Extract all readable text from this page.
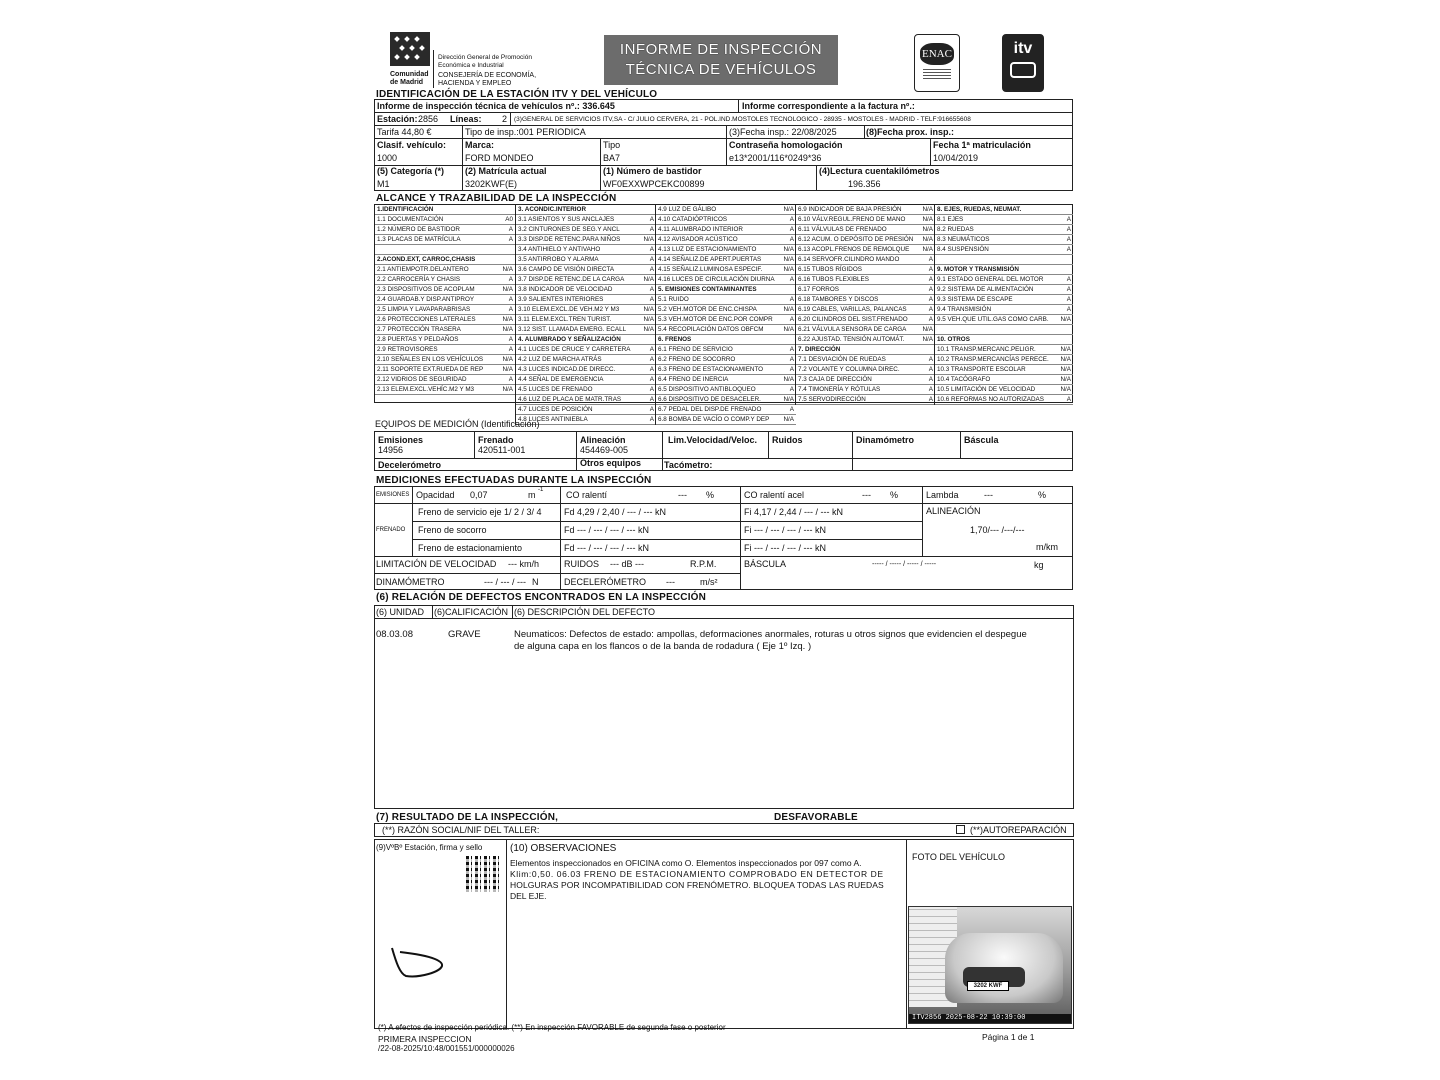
Comunidad
de Madrid
Dirección General de Promoción
Económica e Industrial
CONSEJERÍA DE ECONOMÍA,
HACIENDA Y EMPLEO
INFORME DE INSPECCIÓN
TÉCNICA DE VEHÍCULOS
ENAC	itv
IDENTIFICACIÓN DE LA ESTACIÓN ITV Y DEL VEHÍCULO
Informe de inspección técnica de vehículos nº.: 336.645	Informe correspondiente a la factura nº.:
Estación: 2856 Líneas: 2 (3)GENERAL DE SERVICIOS ITV,SA - C/ JULIO CERVERA, 21 - POL.IND.MOSTOLES TECNOLOGICO - 28935 - MOSTOLES - MADRID - TELF:916655608
Tarifa 44,80 €	Tipo de insp.:001 PERIODICA	(3)Fecha insp.: 22/08/2025	(8)Fecha prox. insp.:
Clasif. vehículo:
1000
Marca:
FORD MONDEO
Tipo
BA7
Contraseña homologación
e13*2001/116*0249*36
Fecha 1ª matriculación
10/04/2019
(5) Categoría (*)
M1
(2) Matrícula actual
3202KWF(E)
(1) Número de bastidor
WF0EXXWPCEKC00899
(4)Lectura cuentakilómetros
196.356
ALCANCE Y TRAZABILIDAD DE LA INSPECCIÓN
1.IDENTIFICACIÓN
1.1 DOCUMENTACIÓN	A0
1.2 NÚMERO DE BASTIDOR	A
1.3 PLACAS DE MATRÍCULA	A
2.ACOND.EXT, CARROC,CHASIS
2.1 ANTIEMPOTR.DELANTERO	N/A
2.2 CARROCERÍA Y CHASIS	A
2.3 DISPOSITIVOS DE ACOPLAM	N/A
2.4 GUARDAB.Y DISP.ANTIPROY	A
2.5 LIMPIA Y LAVAPARABRISAS	A
2.6 PROTECCIONES LATERALES	N/A
2.7 PROTECCIÓN TRASERA	N/A
2.8 PUERTAS Y PELDAÑOS	A
2.9 RETROVISORES	A
2.10 SEÑALES EN LOS VEHÍCULOS	N/A
2.11 SOPORTE EXT.RUEDA DE REP	N/A
2.12 VIDRIOS DE SEGURIDAD	A
2.13 ELEM.EXCL.VEHÍC.M2 Y M3	N/A
3. ACONDIC.INTERIOR
3.1 ASIENTOS Y SUS ANCLAJES	A
3.2 CINTURONES DE SEG.Y ANCL	A
3.3 DISP.DE RETENC.PARA NIÑOS	N/A
3.4 ANTIHIELO Y ANTIVAHO	A
3.5 ANTIRROBO Y ALARMA	A
3.6 CAMPO DE VISIÓN DIRECTA	A
3.7 DISP.DE RETENC.DE LA CARGA	N/A
3.8 INDICADOR DE VELOCIDAD	A
3.9 SALIENTES INTERIORES	A
3.10 ELEM.EXCL.DE VEH.M2 Y M3	N/A
3.11 ELEM.EXCL.TREN TURIST.	N/A
3.12 SIST. LLAMADA EMERG. ECALL	N/A
4. ALUMBRADO Y SEÑALIZACIÓN
4.1 LUCES DE CRUCE Y CARRETERA	A
4.2 LUZ DE MARCHA ATRÁS	A
4.3 LUCES INDICAD.DE DIRECC.	A
4.4 SEÑAL DE EMERGENCIA	A
4.5 LUCES DE FRENADO	A
4.6 LUZ DE PLACA DE MATR.TRAS	A
4.7 LUCES DE POSICIÓN	A
4.8 LUCES ANTINIEBLA	A
4.9 LUZ DE GÁLIBO	N/A
4.10 CATADIÓPTRICOS	A
4.11 ALUMBRADO INTERIOR	A
4.12 AVISADOR ACÚSTICO	A
4.13 LUZ DE ESTACIONAMIENTO	N/A
4.14 SEÑALIZ.DE APERT.PUERTAS	N/A
4.15 SEÑALIZ.LUMINOSA ESPECIF.	N/A
4.16 LUCES DE CIRCULACIÓN DIURNA A
5. EMISIONES CONTAMINANTES
5.1 RUIDO	A
5.2 VEH.MOTOR DE ENC.CHISPA	N/A
5.3 VEH.MOTOR DE ENC.POR COMPR	A
5.4 RECOPILACIÓN DATOS OBFCM	N/A
6. FRENOS
6.1 FRENO DE SERVICIO	A
6.2 FRENO DE SOCORRO	A
6.3 FRENO DE ESTACIONAMIENTO	A
6.4 FRENO DE INERCIA	N/A
6.5 DISPOSITIVO ANTIBLOQUEO	A
6.6 DISPOSITIVO DE DESACELER.	N/A
6.7 PEDAL DEL DISP.DE FRENADO	A
6.8 BOMBA DE VACÍO O COMP.Y DEP N/A
6.9 INDICADOR DE BAJA PRESIÓN	N/A
6.10 VÁLV.REGUL.FRENO DE MANO	N/A
6.11 VÁLVULAS DE FRENADO	N/A
6.12 ACUM. O DEPÓSITO DE PRESIÓN N/A
6.13 ACOPL.FRENOS DE REMOLQUE N/A
6.14 SERVOFR.CILINDRO MANDO	A
6.15 TUBOS RÍGIDOS	A
6.16 TUBOS FLEXIBLES	A
6.17 FORROS	A
6.18 TAMBORES Y DISCOS	A
6.19 CABLES, VARILLAS, PALANCAS	A
6.20 CILINDROS DEL SIST.FRENADO	A
6.21 VÁLVULA SENSORA DE CARGA	N/A
6.22 AJUSTAD. TENSIÓN AUTOMÁT.	N/A
7. DIRECCIÓN
7.1 DESVIACIÓN DE RUEDAS	A
7.2 VOLANTE Y COLUMNA DIREC.	A
7.3 CAJA DE DIRECCIÓN	A
7.4 TIMONERÍA Y RÓTULAS	A
7.5 SERVODIRECCIÓN	A
8. EJES, RUEDAS, NEUMAT.
8.1 EJES	A
8.2 RUEDAS	A
8.3 NEUMÁTICOS	A
8.4 SUSPENSIÓN	A
9. MOTOR Y TRANSMISIÓN
9.1 ESTADO GENERAL DEL MOTOR	A
9.2 SISTEMA DE ALIMENTACIÓN	A
9.3 SISTEMA DE ESCAPE	A
9.4 TRANSMISIÓN	A
9.5 VEH.QUE UTIL.GAS COMO CARB. N/A
10. OTROS
10.1 TRANSP.MERCANC.PELIGR.	N/A
10.2 TRANSP.MERCANCÍAS PERECE. N/A
10.3 TRANSPORTE ESCOLAR	N/A
10.4 TACÓGRAFO	N/A
10.5 LIMITACIÓN DE VELOCIDAD	N/A
10.6 REFORMAS NO AUTORIZADAS	A
EQUIPOS DE MEDICIÓN (Identificación)
Emisiones
14956
Frenado
420511-001
Alineación
454469-005
Lim.Velocidad/Veloc. Ruidos	Dinamómetro	Báscula
Decelerómetro	Otros equipos	Tacómetro:
MEDICIONES EFECTUADAS DURANTE LA INSPECCIÓN
EMISIONES Opacidad 0,07	m -1	CO ralentí	--- %	CO ralentí acel	--- %	Lambda	---	%
FRENADO
Freno de servicio eje 1/ 2 / 3/ 4 Fd 4,29 / 2,40 / --- / --- kN	Fi 4,17 / 2,44 / --- / --- kN
Freno de socorro	Fd --- / --- / --- / --- kN	Fi --- / --- / --- / --- kN
Freno de estacionamiento	Fd --- / --- / --- / --- kN	Fi --- / --- / --- / --- kN
ALINEACIÓN
1,70/--- /---/---
m/km
LIMITACIÓN DE VELOCIDAD --- km/h	RUIDOS --- dB ---	R.P.M.	BÁSCULA	----- / ----- / ----- / -----	kg
DINAMÓMETRO	--- / --- / --- N	DECELERÓMETRO ---	m/s²
(6) RELACIÓN DE DEFECTOS ENCONTRADOS EN LA INSPECCIÓN
(6) UNIDAD (6)CALIFICACIÓN (6) DESCRIPCIÓN DEL DEFECTO
08.03.08	GRAVE	Neumaticos: Defectos de estado: ampollas, deformaciones anormales, roturas u otros signos que evidencien el despegue
de alguna capa en los flancos o de la banda de rodadura ( Eje 1º Izq. )
(7) RESULTADO DE LA INSPECCIÓN,	DESFAVORABLE
(**) RAZÓN SOCIAL/NIF DEL TALLER:	(**)AUTOREPARACIÓN
(9)VºBº Estación, firma y sello	(10) OBSERVACIONES
Elementos inspeccionados en OFICINA como O. Elementos inspeccionados por 097 como A.
Klim:0,50. 06.03 FRENO DE ESTACIONAMIENTO COMPROBADO EN DETECTOR DE
HOLGURAS POR INCOMPATIBILIDAD CON FRENÓMETRO. BLOQUEA TODAS LAS RUEDAS
DEL EJE.
FOTO DEL VEHÍCULO
3202 KWF
ITV2856 2025-08-22 10:39:00
(*) A efectos de inspección periódica. (**) En inspección FAVORABLE de segunda fase o posterior
PRIMERA INSPECCION
/22-08-2025/10:48/001551/000000026
Página 1 de 1
